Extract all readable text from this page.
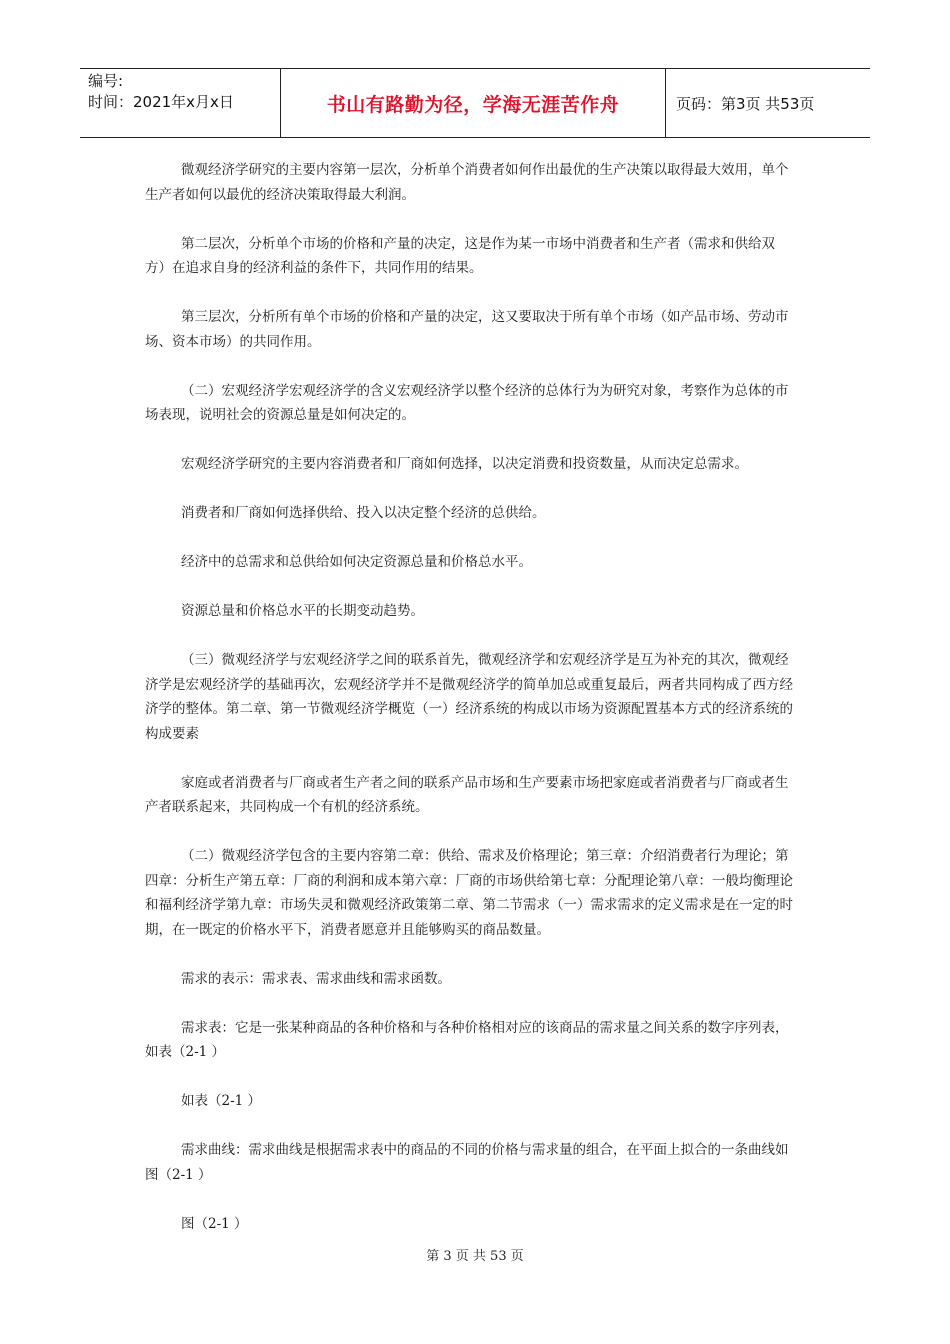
编号:
时间：2021年x月x日	书山有路勤为径，学海无涯苦作舟	页码：第3页 共53页

微观经济学研究的主要内容第一层次，分析单个消费者如何作出最优的生产决策以取得最大效用，单个生产者如何以最优的经济决策取得最大利润。

第二层次，分析单个市场的价格和产量的决定，这是作为某一市场中消费者和生产者（需求和供给双方）在追求自身的经济利益的条件下，共同作用的结果。

第三层次，分析所有单个市场的价格和产量的决定，这又要取决于所有单个市场（如产品市场、劳动市场、资本市场）的共同作用。

（二）宏观经济学宏观经济学的含义宏观经济学以整个经济的总体行为为研究对象，考察作为总体的市场表现，说明社会的资源总量是如何决定的。

宏观经济学研究的主要内容消费者和厂商如何选择，以决定消费和投资数量，从而决定总需求。

消费者和厂商如何选择供给、投入以决定整个经济的总供给。

经济中的总需求和总供给如何决定资源总量和价格总水平。

资源总量和价格总水平的长期变动趋势。

（三）微观经济学与宏观经济学之间的联系首先，微观经济学和宏观经济学是互为补充的其次，微观经济学是宏观经济学的基础再次，宏观经济学并不是微观经济学的简单加总或重复最后，两者共同构成了西方经济学的整体。第二章、第一节微观经济学概览（一）经济系统的构成以市场为资源配置基本方式的经济系统的构成要素

家庭或者消费者与厂商或者生产者之间的联系产品市场和生产要素市场把家庭或者消费者与厂商或者生产者联系起来，共同构成一个有机的经济系统。

（二）微观经济学包含的主要内容第二章：供给、需求及价格理论；第三章：介绍消费者行为理论；第四章：分析生产第五章：厂商的利润和成本第六章：厂商的市场供给第七章：分配理论第八章：一般均衡理论和福利经济学第九章：市场失灵和微观经济政策第二章、第二节需求（一）需求需求的定义需求是在一定的时期，在一既定的价格水平下，消费者愿意并且能够购买的商品数量。

需求的表示：需求表、需求曲线和需求函数。

需求表：它是一张某种商品的各种价格和与各种价格相对应的该商品的需求量之间关系的数字序列表，如表（2-1 ）

如表（2-1 ）

需求曲线：需求曲线是根据需求表中的商品的不同的价格与需求量的组合，在平面上拟合的一条曲线如图（2-1 ）

图（2-1 ）

第 3 页 共 53 页
